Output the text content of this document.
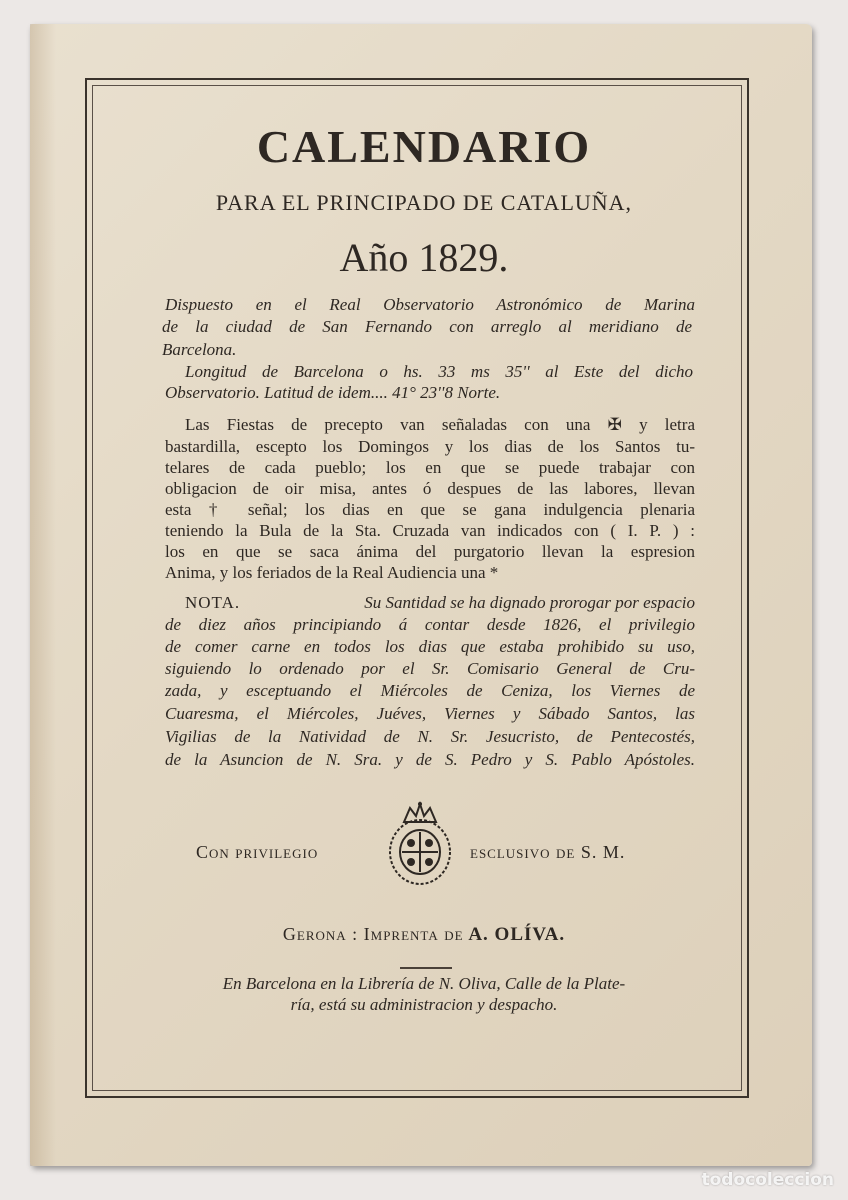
CALENDARIO
PARA EL PRINCIPADO DE CATALUÑA,
Año 1829.
Dispuesto en el Real Observatorio Astronómico de Marina
de la ciudad de San Fernando con arreglo al meridiano de
Barcelona.
Longitud de Barcelona o hs. 33 ms 35'' al Este del dicho
Observatorio. Latitud de idem.... 41° 23''8 Norte.
Las Fiestas de precepto van señaladas con una ✠ y letra
bastardilla, escepto los Domingos y los dias de los Santos tu-
telares de cada pueblo; los en que se puede trabajar con
obligacion de oir misa, antes ó despues de las labores, llevan
esta † señal; los dias en que se gana indulgencia plenaria
teniendo la Bula de la Sta. Cruzada van indicados con ( I. P. ) :
los en que se saca ánima del purgatorio llevan la espresion
Anima, y los feriados de la Real Audiencia una *
NOTA.	Su Santidad se ha dignado prorogar por espacio
de diez años principiando á contar desde 1826, el privilegio
de comer carne en todos los dias que estaba prohibido su uso,
siguiendo lo ordenado por el Sr. Comisario General de Cru-
zada, y esceptuando el Miércoles de Ceniza, los Viernes de
Cuaresma, el Miércoles, Juéves, Viernes y Sábado Santos, las
Vigilias de la Natividad de N. Sr. Jesucristo, de Pentecostés,
de la Asuncion de N. Sra. y de S. Pedro y S. Pablo Apóstoles.
Con privilegio	esclusivo de S. M.
Gerona : Imprenta de A. OLÍVA.
En Barcelona en la Librería de N. Oliva, Calle de la Plate-
ría, está su administracion y despacho.
todocoleccion
